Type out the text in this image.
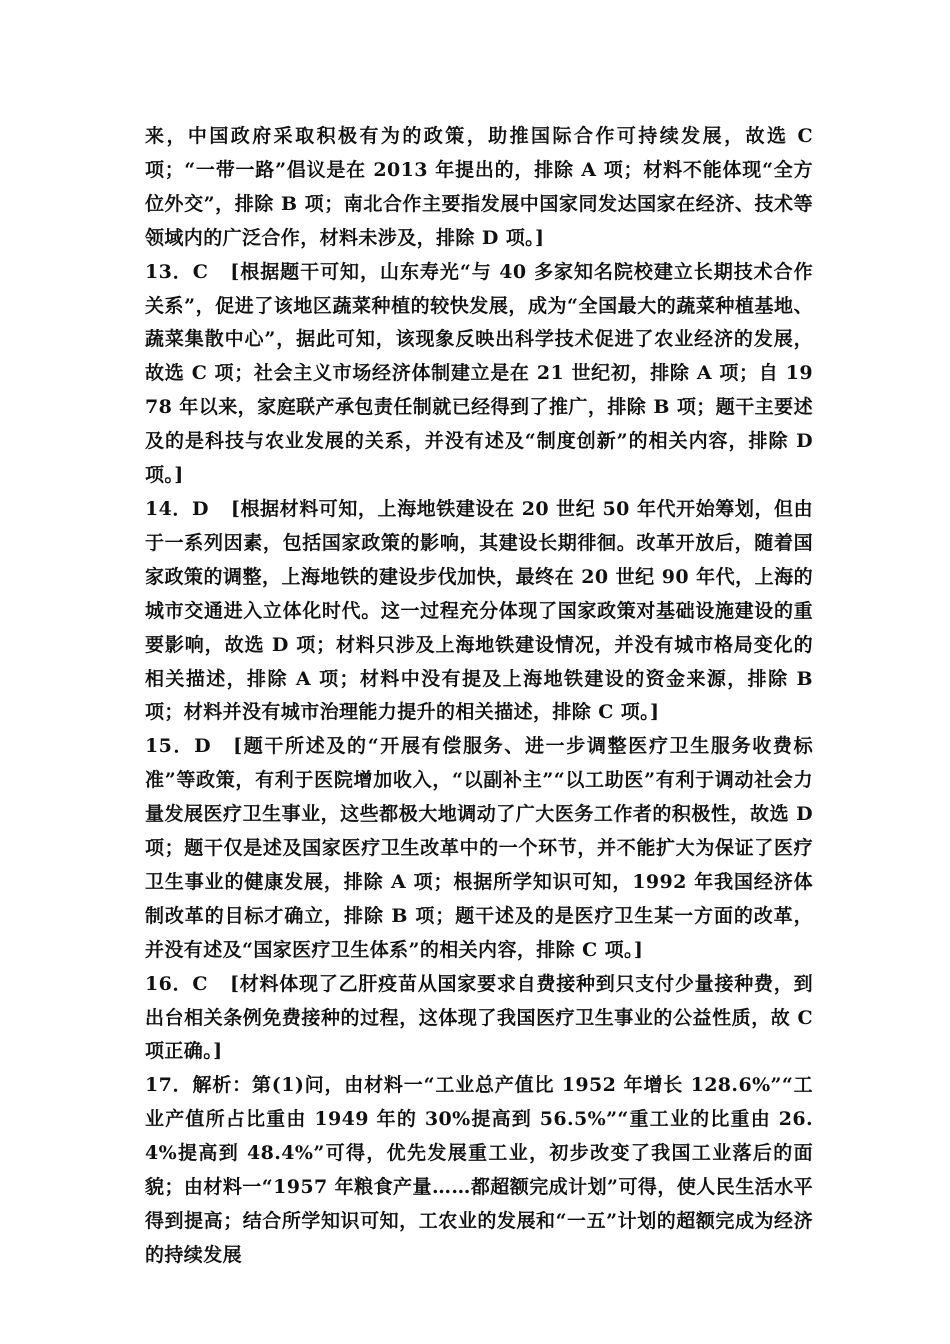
来，中国政府采取积极有为的政策，助推国际合作可持续发展，故选 C 项；“一带一路”倡议是在 2013 年提出的，排除 A 项；材料不能体现“全方位外交”，排除 B 项；南北合作主要指发展中国家同发达国家在经济、技术等领域内的广泛合作，材料未涉及，排除 D 项。]

13．C [根据题干可知，山东寿光“与 40 多家知名院校建立长期技术合作关系”，促进了该地区蔬菜种植的较快发展，成为“全国最大的蔬菜种植基地、蔬菜集散中心”，据此可知，该现象反映出科学技术促进了农业经济的发展，故选 C 项；社会主义市场经济体制建立是在 21 世纪初，排除 A 项；自 1978 年以来，家庭联产承包责任制就已经得到了推广，排除 B 项；题干主要述及的是科技与农业发展的关系，并没有述及“制度创新”的相关内容，排除 D 项。]

14．D [根据材料可知，上海地铁建设在 20 世纪 50 年代开始筹划，但由于一系列因素，包括国家政策的影响，其建设长期徘徊。改革开放后，随着国家政策的调整，上海地铁的建设步伐加快，最终在 20 世纪 90 年代，上海的城市交通进入立体化时代。这一过程充分体现了国家政策对基础设施建设的重要影响，故选 D 项；材料只涉及上海地铁建设情况，并没有城市格局变化的相关描述，排除 A 项；材料中没有提及上海地铁建设的资金来源，排除 B 项；材料并没有城市治理能力提升的相关描述，排除 C 项。]

15．D [题干所述及的“开展有偿服务、进一步调整医疗卫生服务收费标准”等政策，有利于医院增加收入，“以副补主”“以工助医”有利于调动社会力量发展医疗卫生事业，这些都极大地调动了广大医务工作者的积极性，故选 D 项；题干仅是述及国家医疗卫生改革中的一个环节，并不能扩大为保证了医疗卫生事业的健康发展，排除 A 项；根据所学知识可知，1992 年我国经济体制改革的目标才确立，排除 B 项；题干述及的是医疗卫生某一方面的改革，并没有述及“国家医疗卫生体系”的相关内容，排除 C 项。]

16．C [材料体现了乙肝疫苗从国家要求自费接种到只支付少量接种费，到出台相关条例免费接种的过程，这体现了我国医疗卫生事业的公益性质，故 C 项正确。]

17．解析：第(1)问，由材料一“工业总产值比 1952 年增长 128.6%”“工业产值所占比重由 1949 年的 30%提高到 56.5%”“重工业的比重由 26.4%提高到 48.4%”可得，优先发展重工业，初步改变了我国工业落后的面貌；由材料一“1957 年粮食产量……都超额完成计划”可得，使人民生活水平得到提高；结合所学知识可知，工农业的发展和“一五”计划的超额完成为经济的持续发展
